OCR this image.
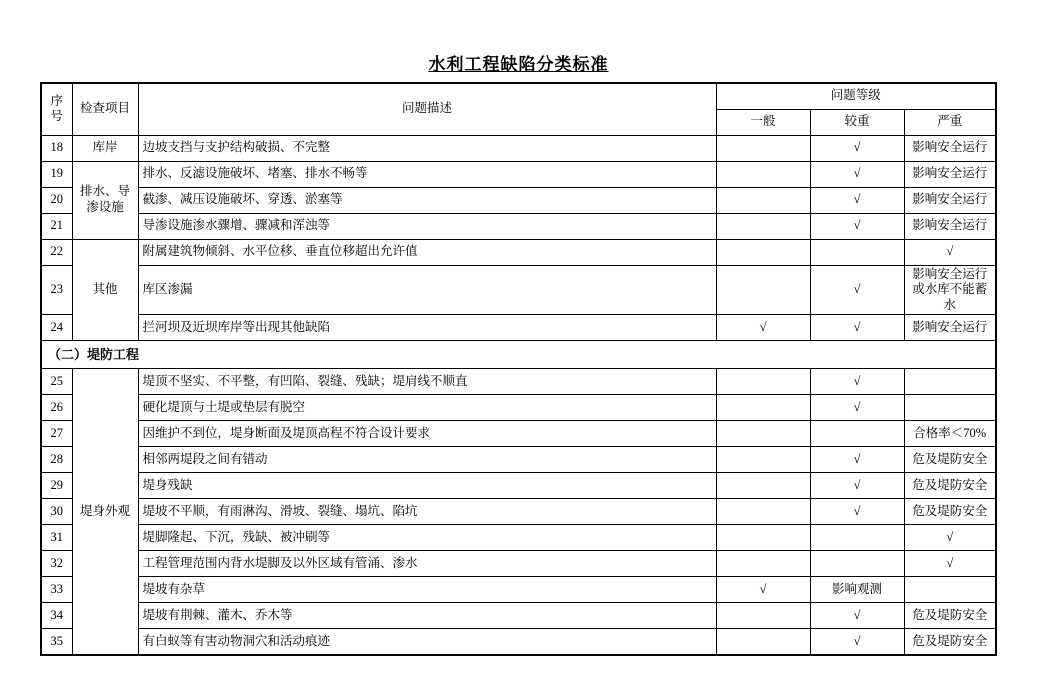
水利工程缺陷分类标准
序号	检查项目	问题描述	问题等级		
			一般	较重	严重
18	库岸	边坡支挡与支护结构破损、不完整		√	影响安全运行
19	排水、导渗设施	排水、反滤设施破坏、堵塞、排水不畅等		√	影响安全运行
20		截渗、减压设施破坏、穿透、淤塞等		√	影响安全运行
21		导渗设施渗水骤增、骤减和浑浊等		√	影响安全运行
22	其他	附属建筑物倾斜、水平位移、垂直位移超出允许值			√
23		库区渗漏		√	影响安全运行或水库不能蓄水
24		拦河坝及近坝库岸等出现其他缺陷	√	√	影响安全运行
（二）堤防工程					
25	堤身外观	堤顶不坚实、不平整，有凹陷、裂缝、残缺；堤肩线不顺直		√	
26		硬化堤顶与土堤或垫层有脱空		√	
27		因维护不到位，堤身断面及堤顶高程不符合设计要求			合格率＜70%
28		相邻两堤段之间有错动		√	危及堤防安全
29		堤身残缺		√	危及堤防安全
30		堤坡不平顺，有雨淋沟、滑坡、裂缝、塌坑、陷坑		√	危及堤防安全
31		堤脚隆起、下沉，残缺、被冲刷等			√
32		工程管理范围内背水堤脚及以外区域有管涌、渗水			√
33		堤坡有杂草	√	影响观测	
34		堤坡有荆棘、灌木、乔木等		√	危及堤防安全
35		有白蚁等有害动物洞穴和活动痕迹		√	危及堤防安全
